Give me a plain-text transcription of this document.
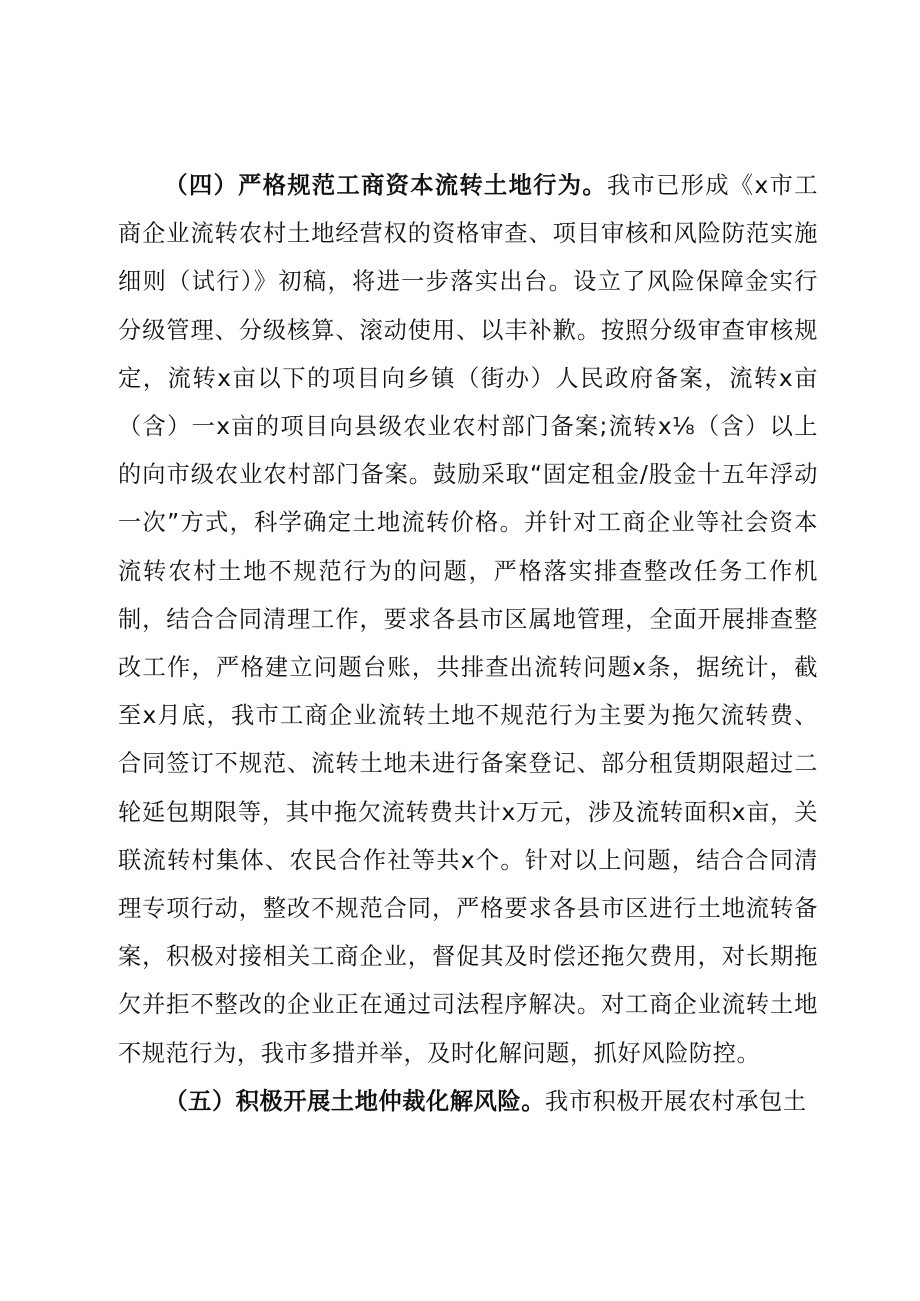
（四）严格规范工商资本流转土地行为。我市已形成《x市工商企业流转农村土地经营权的资格审查、项目审核和风险防范实施细则（试行）》初稿，将进一步落实出台。设立了风险保障金实行分级管理、分级核算、滚动使用、以丰补歉。按照分级审查审核规定，流转x亩以下的项目向乡镇（街办）人民政府备案，流转x亩（含）一x亩的项目向县级农业农村部门备案;流转x⅛（含）以上的向市级农业农村部门备案。鼓励采取“固定租金/股金十五年浮动一次”方式，科学确定土地流转价格。并针对工商企业等社会资本流转农村土地不规范行为的问题，严格落实排查整改任务工作机制，结合合同清理工作，要求各县市区属地管理，全面开展排查整改工作，严格建立问题台账，共排查出流转问题x条，据统计，截至x月底，我市工商企业流转土地不规范行为主要为拖欠流转费、合同签订不规范、流转土地未进行备案登记、部分租赁期限超过二轮延包期限等，其中拖欠流转费共计x万元，涉及流转面积x亩，关联流转村集体、农民合作社等共x个。针对以上问题，结合合同清理专项行动，整改不规范合同，严格要求各县市区进行土地流转备案，积极对接相关工商企业，督促其及时偿还拖欠费用，对长期拖欠并拒不整改的企业正在通过司法程序解决。对工商企业流转土地不规范行为，我市多措并举，及时化解问题，抓好风险防控。

（五）积极开展土地仲裁化解风险。我市积极开展农村承包土
